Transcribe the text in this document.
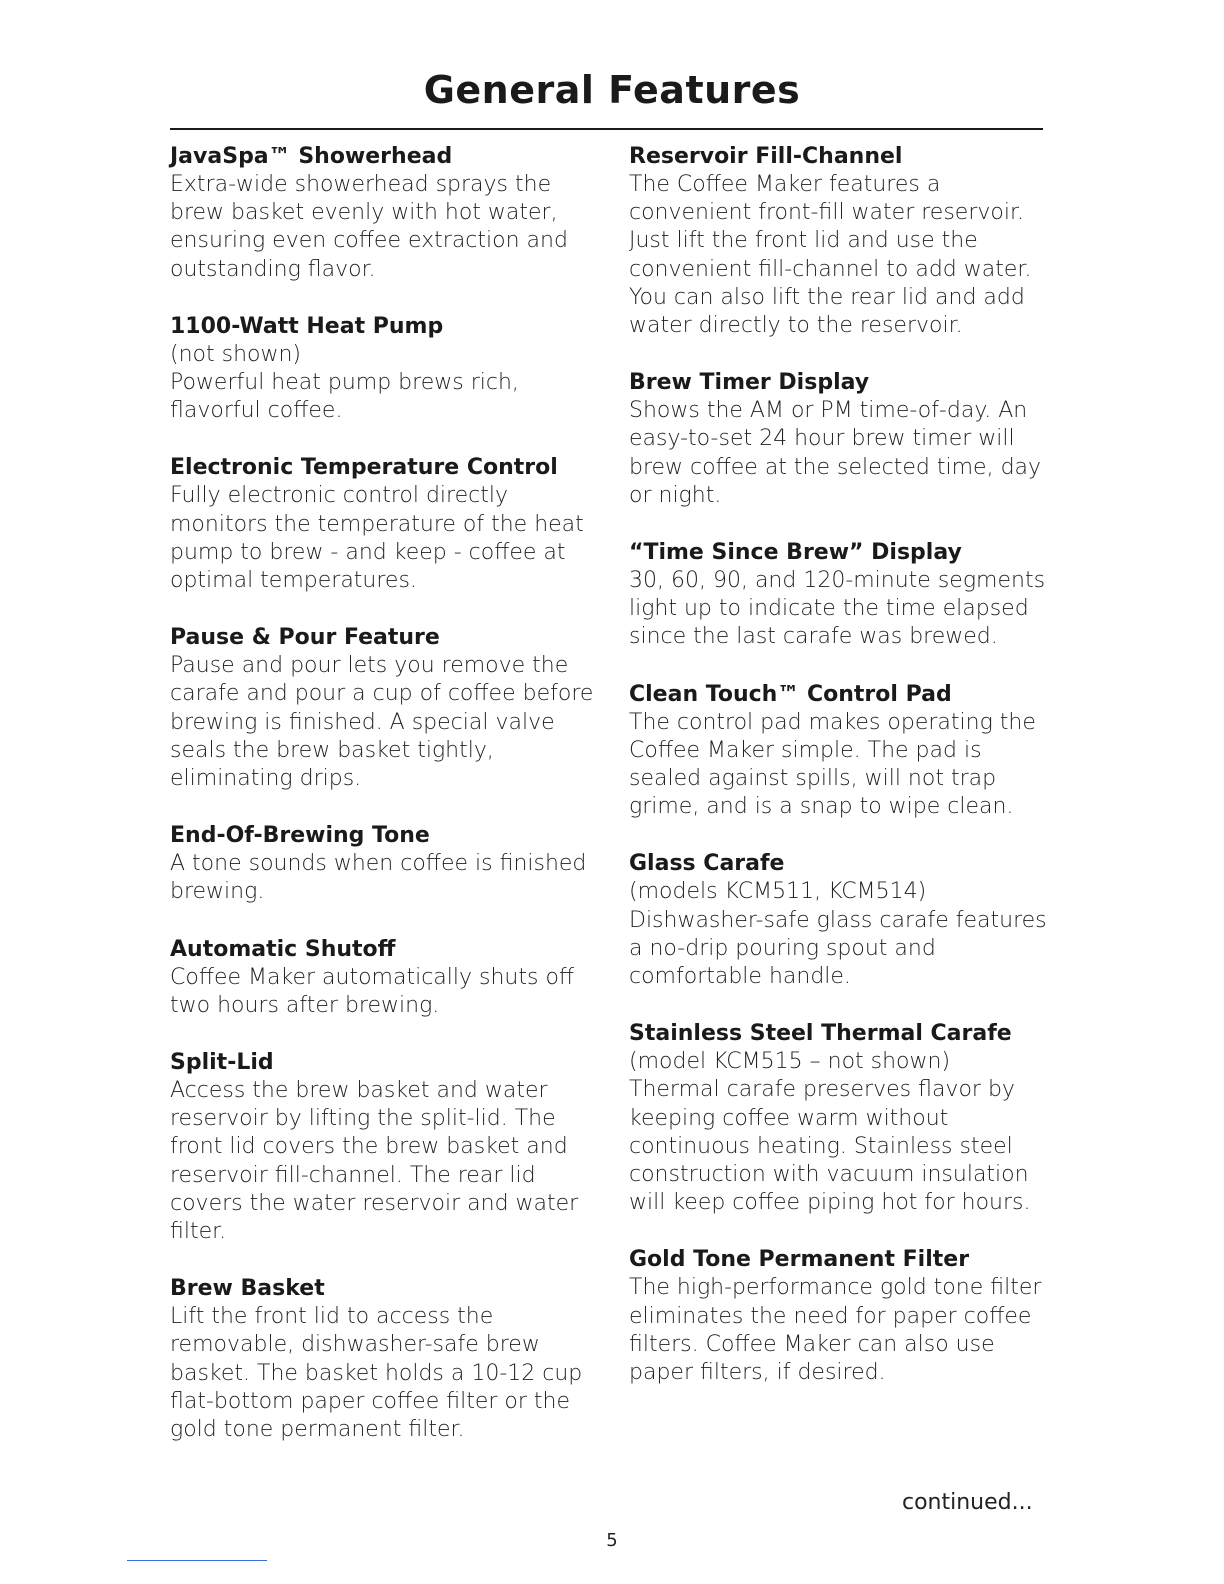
General Features
JavaSpa™ Showerhead

Extra-wide showerhead sprays the brew basket evenly with hot water, ensuring even coffee extraction and outstanding flavor.

1100-Watt Heat Pump
(not shown)

Powerful heat pump brews rich, flavorful coffee.

Electronic Temperature Control

Fully electronic control directly monitors the temperature of the heat pump to brew - and keep - coffee at optimal temperatures.

Pause & Pour Feature

Pause and pour lets you remove the carafe and pour a cup of coffee before brewing is finished. A special valve seals the brew basket tightly, eliminating drips.

End-Of-Brewing Tone

A tone sounds when coffee is finished brewing.

Automatic Shutoff

Coffee Maker automatically shuts off two hours after brewing.

Split-Lid

Access the brew basket and water reservoir by lifting the split-lid. The front lid covers the brew basket and reservoir fill-channel. The rear lid covers the water reservoir and water filter.

Brew Basket

Lift the front lid to access the removable, dishwasher-safe brew basket. The basket holds a 10-12 cup flat-bottom paper coffee filter or the gold tone permanent filter.

Reservoir Fill-Channel

The Coffee Maker features a convenient front-fill water reservoir. Just lift the front lid and use the convenient fill-channel to add water. You can also lift the rear lid and add water directly to the reservoir.

Brew Timer Display

Shows the AM or PM time-of-day. An easy-to-set 24 hour brew timer will brew coffee at the selected time, day or night.

“Time Since Brew” Display

30, 60, 90, and 120-minute segments light up to indicate the time elapsed since the last carafe was brewed.

Clean Touch™ Control Pad

The control pad makes operating the Coffee Maker simple. The pad is sealed against spills, will not trap grime, and is a snap to wipe clean.

Glass Carafe
(models KCM511, KCM514)

Dishwasher-safe glass carafe features a no-drip pouring spout and comfortable handle.

Stainless Steel Thermal Carafe
(model KCM515 – not shown)

Thermal carafe preserves flavor by keeping coffee warm without continuous heating. Stainless steel construction with vacuum insulation will keep coffee piping hot for hours.

Gold Tone Permanent Filter

The high-performance gold tone filter eliminates the need for paper coffee filters. Coffee Maker can also use paper filters, if desired.

continued...
5
